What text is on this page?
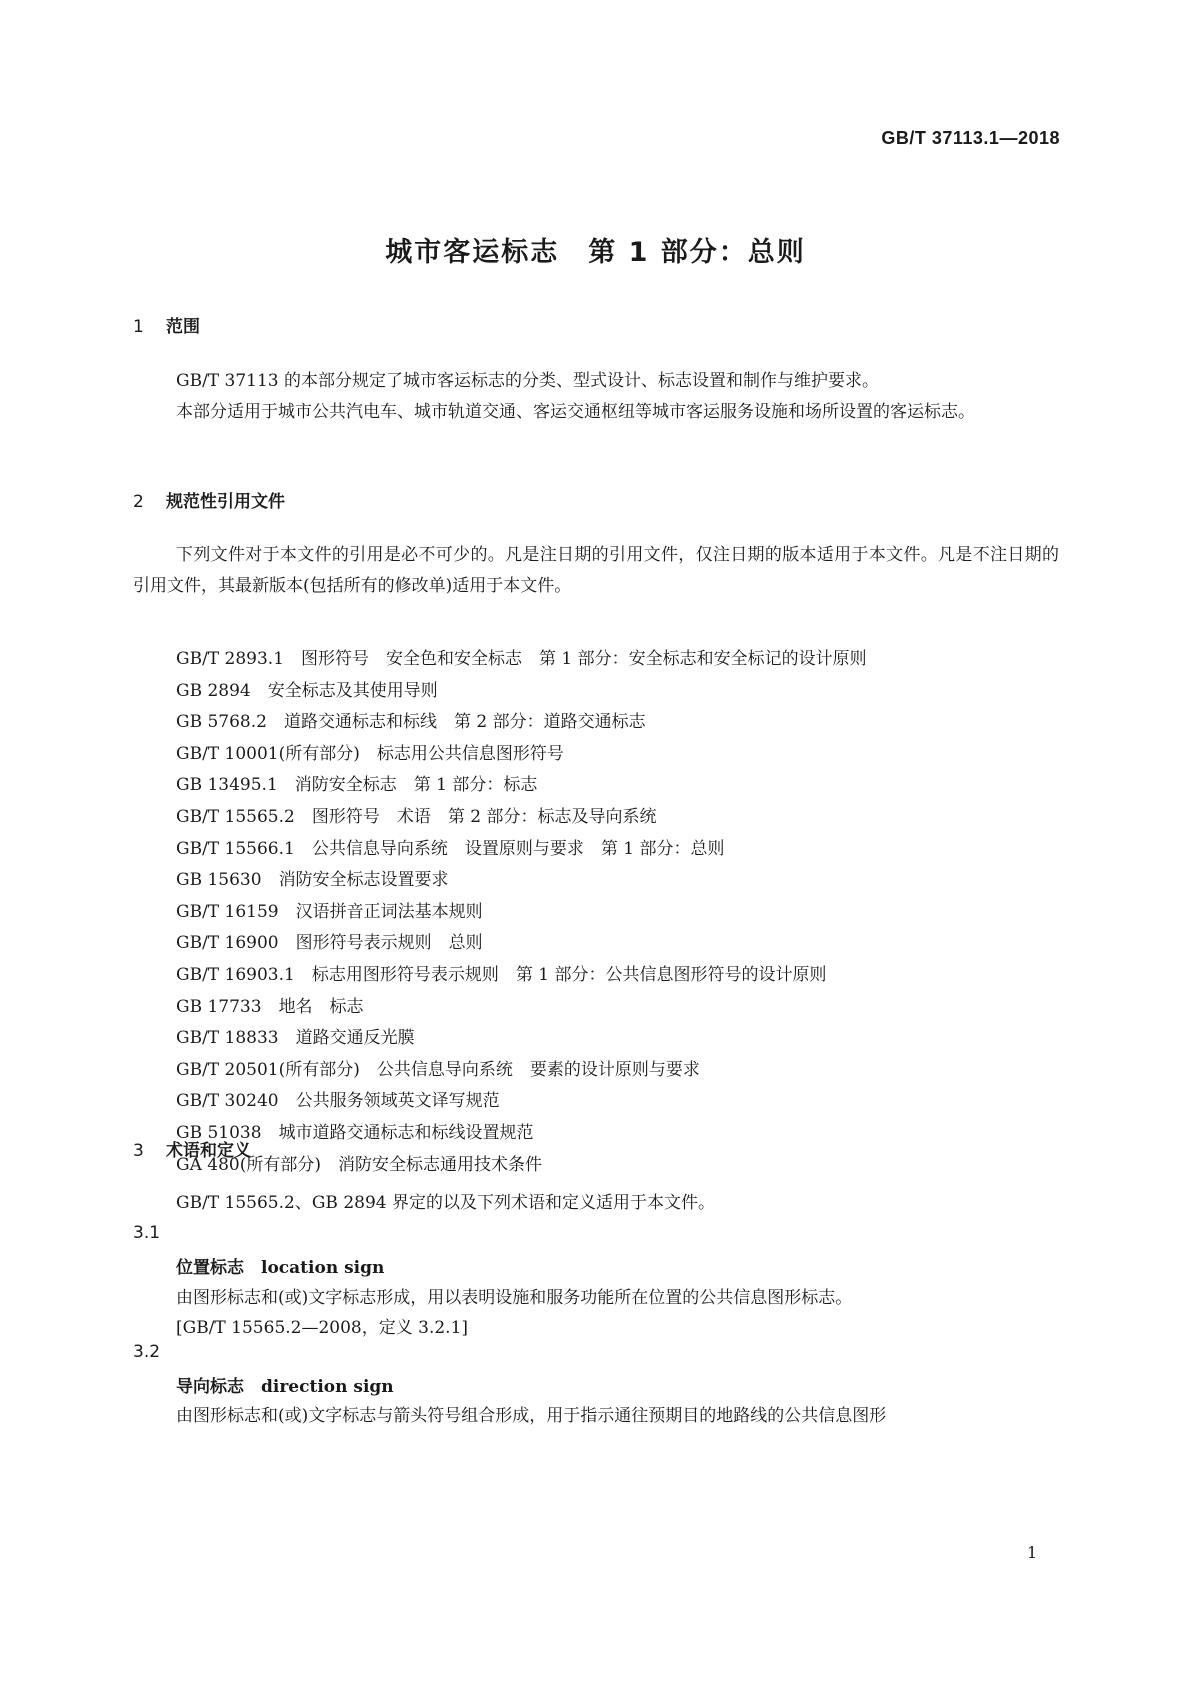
GB/T 37113.1—2018
城市客运标志　第 1 部分：总则
1 范围

GB/T 37113 的本部分规定了城市客运标志的分类、型式设计、标志设置和制作与维护要求。

本部分适用于城市公共汽电车、城市轨道交通、客运交通枢纽等城市客运服务设施和场所设置的客运标志。

2 规范性引用文件

下列文件对于本文件的引用是必不可少的。凡是注日期的引用文件，仅注日期的版本适用于本文件。凡是不注日期的引用文件，其最新版本(包括所有的修改单)适用于本文件。

GB/T 2893.1　 图形符号　安全色和安全标志　第 1 部分：安全标志和安全标记的设计原则
GB 2894　 安全标志及其使用导则
GB 5768.2　 道路交通标志和标线　第 2 部分：道路交通标志
GB/T 10001(所有部分)　 标志用公共信息图形符号
GB 13495.1　 消防安全标志　第 1 部分：标志
GB/T 15565.2　 图形符号　术语　第 2 部分：标志及导向系统
GB/T 15566.1　 公共信息导向系统　设置原则与要求　第 1 部分：总则
GB 15630　 消防安全标志设置要求
GB/T 16159　 汉语拼音正词法基本规则
GB/T 16900　 图形符号表示规则　总则
GB/T 16903.1　 标志用图形符号表示规则　第 1 部分：公共信息图形符号的设计原则
GB 17733　 地名　标志
GB/T 18833　 道路交通反光膜
GB/T 20501(所有部分)　 公共信息导向系统　要素的设计原则与要求
GB/T 30240　 公共服务领域英文译写规范
GB 51038　 城市道路交通标志和标线设置规范
GA 480(所有部分)　 消防安全标志通用技术条件
3 术语和定义

GB/T 15565.2、GB 2894 界定的以及下列术语和定义适用于本文件。

3.1
位置标志　 location sign
由图形标志和(或)文字标志形成，用以表明设施和服务功能所在位置的公共信息图形标志。
[GB/T 15565.2—2008，定义 3.2.1]
3.2
导向标志　 direction sign
由图形标志和(或)文字标志与箭头符号组合形成，用于指示通往预期目的地路线的公共信息图形
1
